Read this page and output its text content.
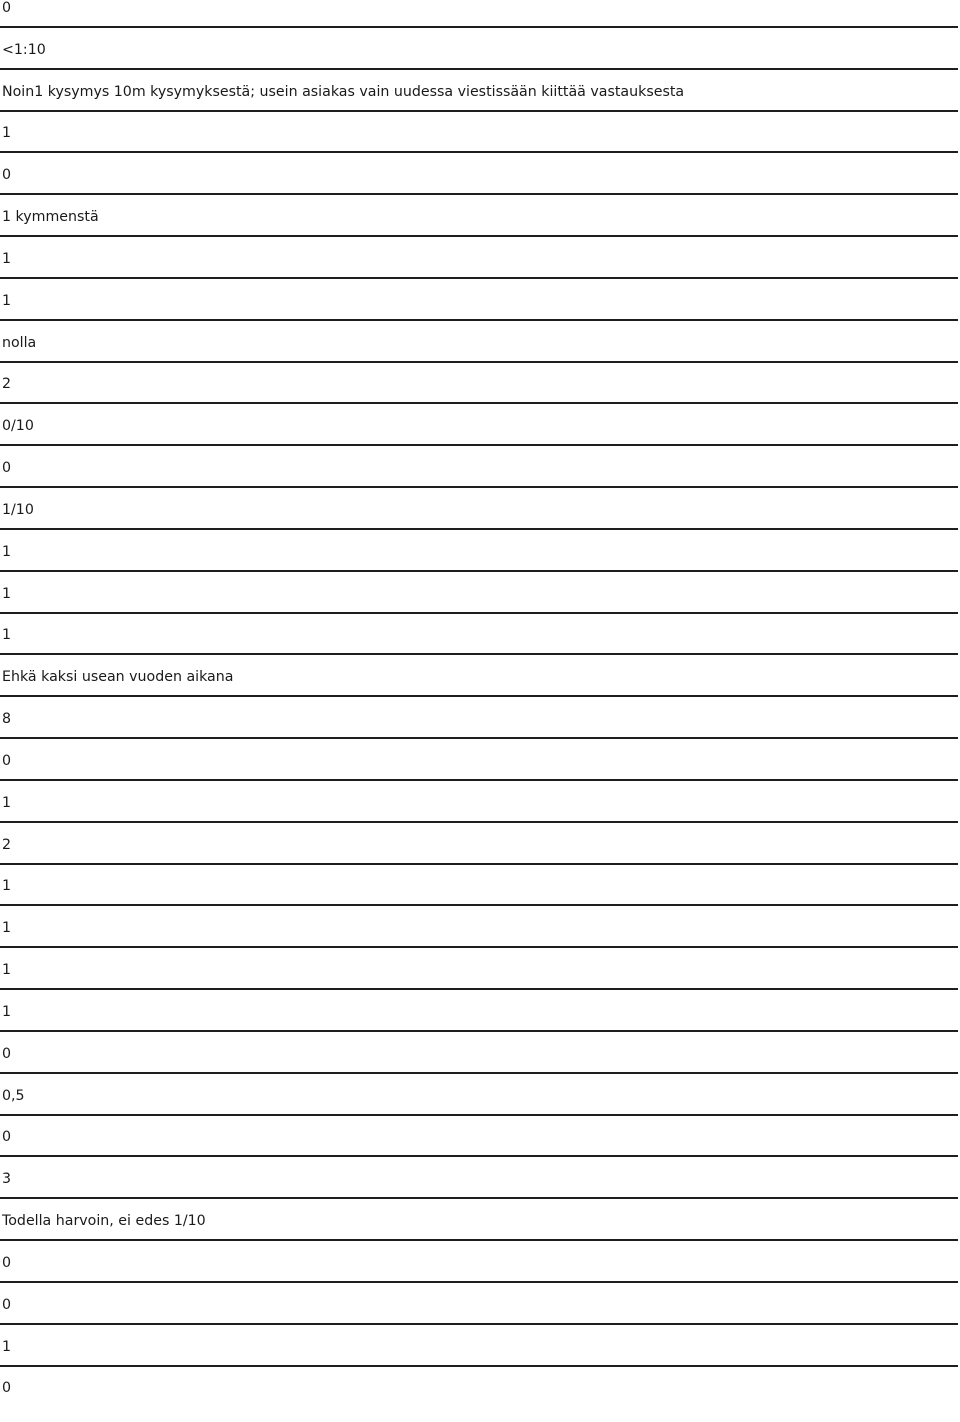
0
<1:10
Noin1 kysymys 10m kysymyksestä; usein asiakas vain uudessa viestissään kiittää vastauksesta
1
0
1 kymmenstä
1
1
nolla
2
0/10
0
1/10
1
1
1
Ehkä kaksi usean vuoden aikana
8
0
1
2
1
1
1
1
0
0,5
0
3
Todella harvoin, ei edes 1/10
0
0
1
0
